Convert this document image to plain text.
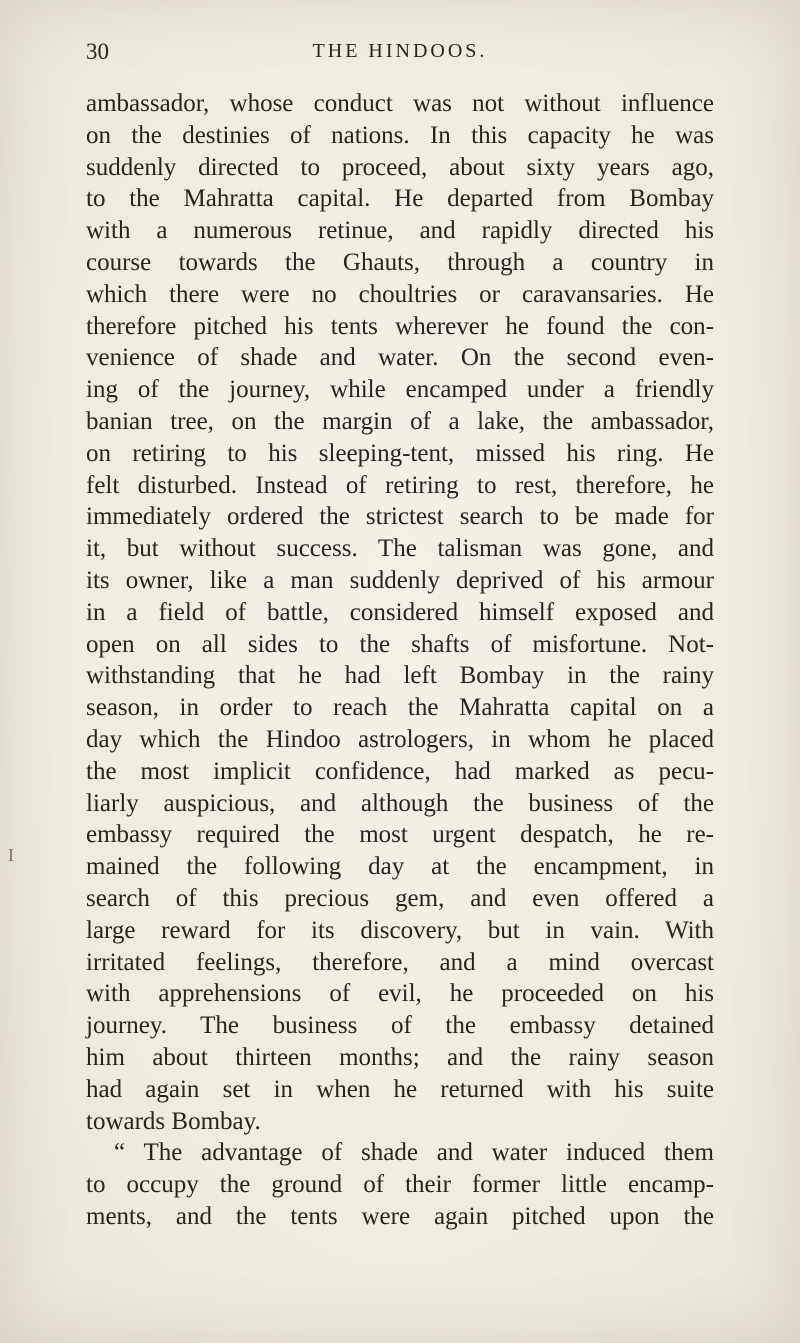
30	THE HINDOOS.
I
ambassador, whose conduct was not without influence
on the destinies of nations. In this capacity he was
suddenly directed to proceed, about sixty years ago,
to the Mahratta capital. He departed from Bombay
with a numerous retinue, and rapidly directed his
course towards the Ghauts, through a country in
which there were no choultries or caravansaries. He
therefore pitched his tents wherever he found the con-
venience of shade and water. On the second even-
ing of the journey, while encamped under a friendly
banian tree, on the margin of a lake, the ambassador,
on retiring to his sleeping-tent, missed his ring. He
felt disturbed. Instead of retiring to rest, therefore, he
immediately ordered the strictest search to be made for
it, but without success. The talisman was gone, and
its owner, like a man suddenly deprived of his armour
in a field of battle, considered himself exposed and
open on all sides to the shafts of misfortune. Not-
withstanding that he had left Bombay in the rainy
season, in order to reach the Mahratta capital on a
day which the Hindoo astrologers, in whom he placed
the most implicit confidence, had marked as pecu-
liarly auspicious, and although the business of the
embassy required the most urgent despatch, he re-
mained the following day at the encampment, in
search of this precious gem, and even offered a
large reward for its discovery, but in vain. With
irritated feelings, therefore, and a mind overcast
with apprehensions of evil, he proceeded on his
journey. The business of the embassy detained
him about thirteen months; and the rainy season
had again set in when he returned with his suite
towards Bombay.
“ The advantage of shade and water induced them
to occupy the ground of their former little encamp-
ments, and the tents were again pitched upon the
